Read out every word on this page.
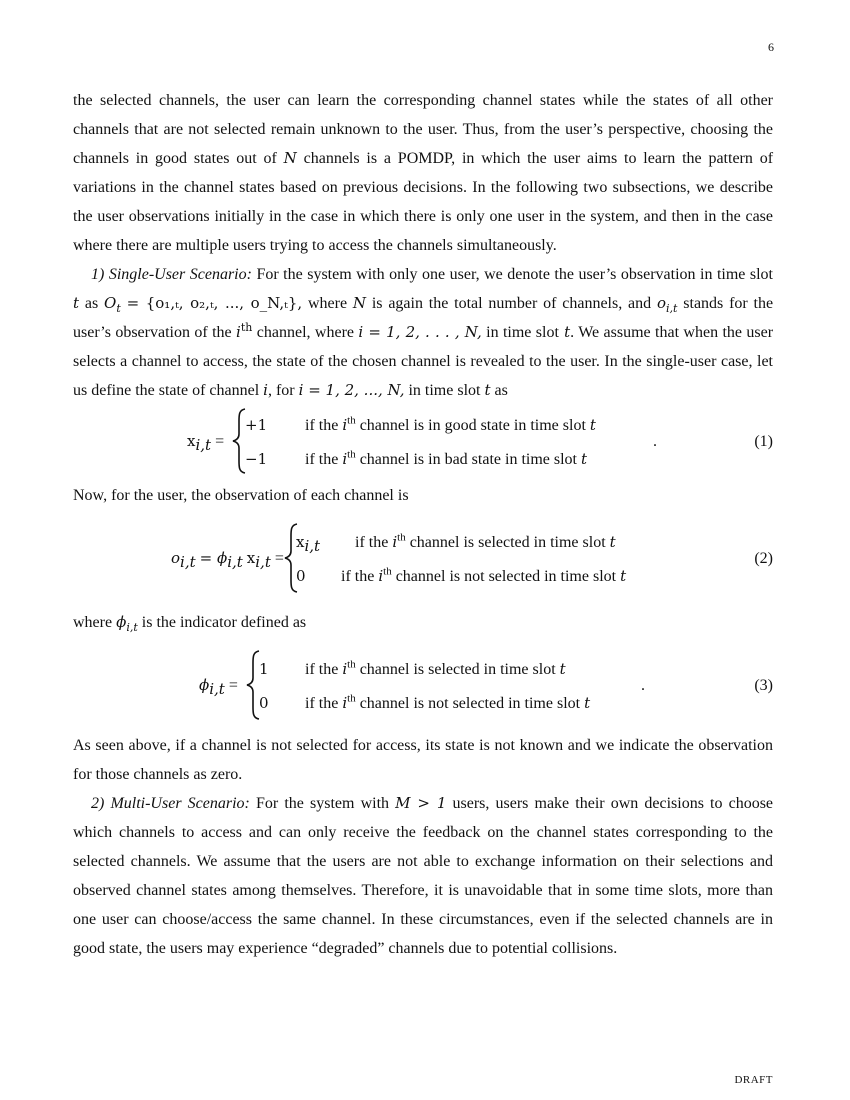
6

the selected channels, the user can learn the corresponding channel states while the states of all other channels that are not selected remain unknown to the user. Thus, from the user’s perspective, choosing the channels in good states out of N channels is a POMDP, in which the user aims to learn the pattern of variations in the channel states based on previous decisions. In the following two subsections, we describe the user observations initially in the case in which there is only one user in the system, and then in the case where there are multiple users trying to access the channels simultaneously.

1) Single-User Scenario: For the system with only one user, we denote the user’s observation in time slot t as $O_t = \{o_1,_t$, o₂,ₜ, ..., o_N,ₜ}, where N is again the total number of channels, and $o_{i,t}$ stands for the user’s observation of the $i^{th}$ channel, where i = 1, 2, . . . , N, in time slot t. We assume that when the user selects a channel to access, the state of the chosen channel is revealed to the user. In the single-user case, let us define the state of channel i, for i = 1, 2, ..., N, in time slot t as

$x_{i,t}$ =
+1 if the $i^{th}$ channel is in good state in time slot t
−1 if the $i^{th}$ channel is in bad state in time slot t
.	(1)

Now, for the user, the observation of each channel is

$o_{i,t} = \phi_{i,t}$ $x_{i,t}$ =
$x_{i,t}$ if the $i^{th}$ channel is selected in time slot t
0 if the $i^{th}$ channel is not selected in time slot t
(2)

where $\phi_{i,t}$ is the indicator defined as

$\phi_{i,t}$ =
1 if the $i^{th}$ channel is selected in time slot t
0 if the $i^{th}$ channel is not selected in time slot t
.	(3)

As seen above, if a channel is not selected for access, its state is not known and we indicate the observation for those channels as zero.

2) Multi-User Scenario: For the system with M > 1 users, users make their own decisions to choose which channels to access and can only receive the feedback on the channel states corresponding to the selected channels. We assume that the users are not able to exchange information on their selections and observed channel states among themselves. Therefore, it is unavoidable that in some time slots, more than one user can choose/access the same channel. In these circumstances, even if the selected channels are in good state, the users may experience “degraded” channels due to potential collisions.

DRAFT
